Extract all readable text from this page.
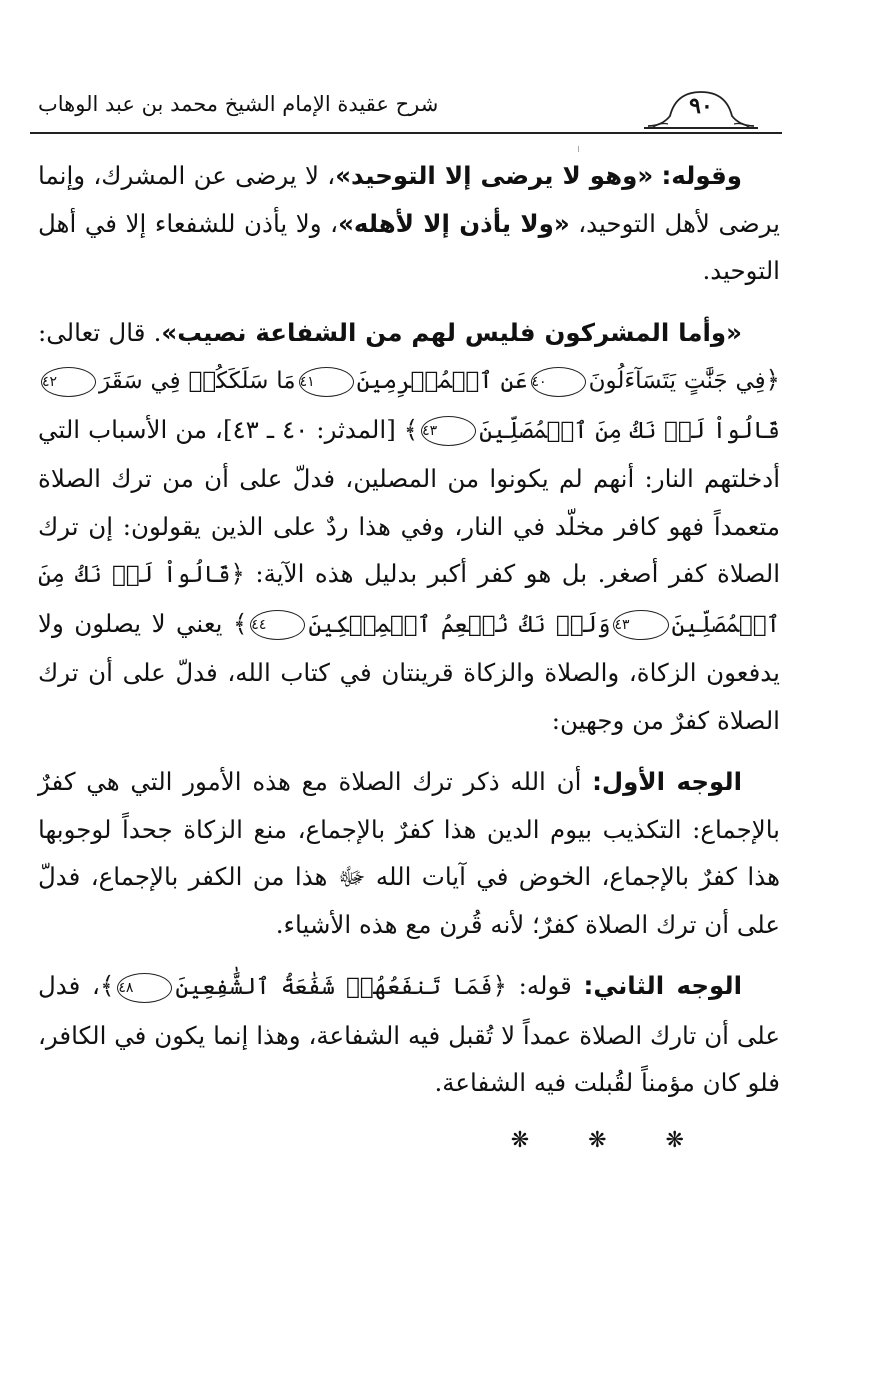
شرح عقيدة الإمام الشيخ محمد بن عبد الوهاب	٩٠

وقوله: «وهو لا يرضى إلا التوحيد»، لا يرضى عن المشرك، وإنما يرضى لأهل التوحيد، «ولا يأذن إلا لأهله»، ولا يأذن للشفعاء إلا في أهل التوحيد.

«وأما المشركون فليس لهم من الشفاعة نصيب». قال تعالى: ﴿فِي جَنَّٰتٍ يَتَسَآءَلُونَ٤٠عَنِ ٱلۡمُجۡرِمِينَ٤١مَا سَلَكَكُمۡ فِي سَقَرَ٤٢قَالُواْ لَمۡ نَكُ مِنَ ٱلۡمُصَلِّينَ٤٣﴾ [المدثر: ٤٠ ـ ٤٣]، من الأسباب التي أدخلتهم النار: أنهم لم يكونوا من المصلين، فدلّ على أن من ترك الصلاة متعمداً فهو كافر مخلّد في النار، وفي هذا ردٌ على الذين يقولون: إن ترك الصلاة كفر أصغر. بل هو كفر أكبر بدليل هذه الآية: ﴿قَالُواْ لَمۡ نَكُ مِنَ ٱلۡمُصَلِّينَ٤٣وَلَمۡ نَكُ نُطۡعِمُ ٱلۡمِسۡكِينَ٤٤﴾ يعني لا يصلون ولا يدفعون الزكاة، والصلاة والزكاة قرينتان في كتاب الله، فدلّ على أن ترك الصلاة كفرٌ من وجهين:

الوجه الأول: أن الله ذكر ترك الصلاة مع هذه الأمور التي هي كفرٌ بالإجماع: التكذيب بيوم الدين هذا كفرٌ بالإجماع، منع الزكاة جحداً لوجوبها هذا كفرٌ بالإجماع، الخوض في آيات الله ﷻ هذا من الكفر بالإجماع، فدلّ على أن ترك الصلاة كفرٌ؛ لأنه قُرن مع هذه الأشياء.

الوجه الثاني: قوله: ﴿فَمَا تَنفَعُهُمۡ شَفَٰعَةُ ٱلشَّٰفِعِينَ٤٨﴾، فدل على أن تارك الصلاة عمداً لا تُقبل فيه الشفاعة، وهذا إنما يكون في الكافر، فلو كان مؤمناً لقُبلت فيه الشفاعة.

❋ ❋ ❋
